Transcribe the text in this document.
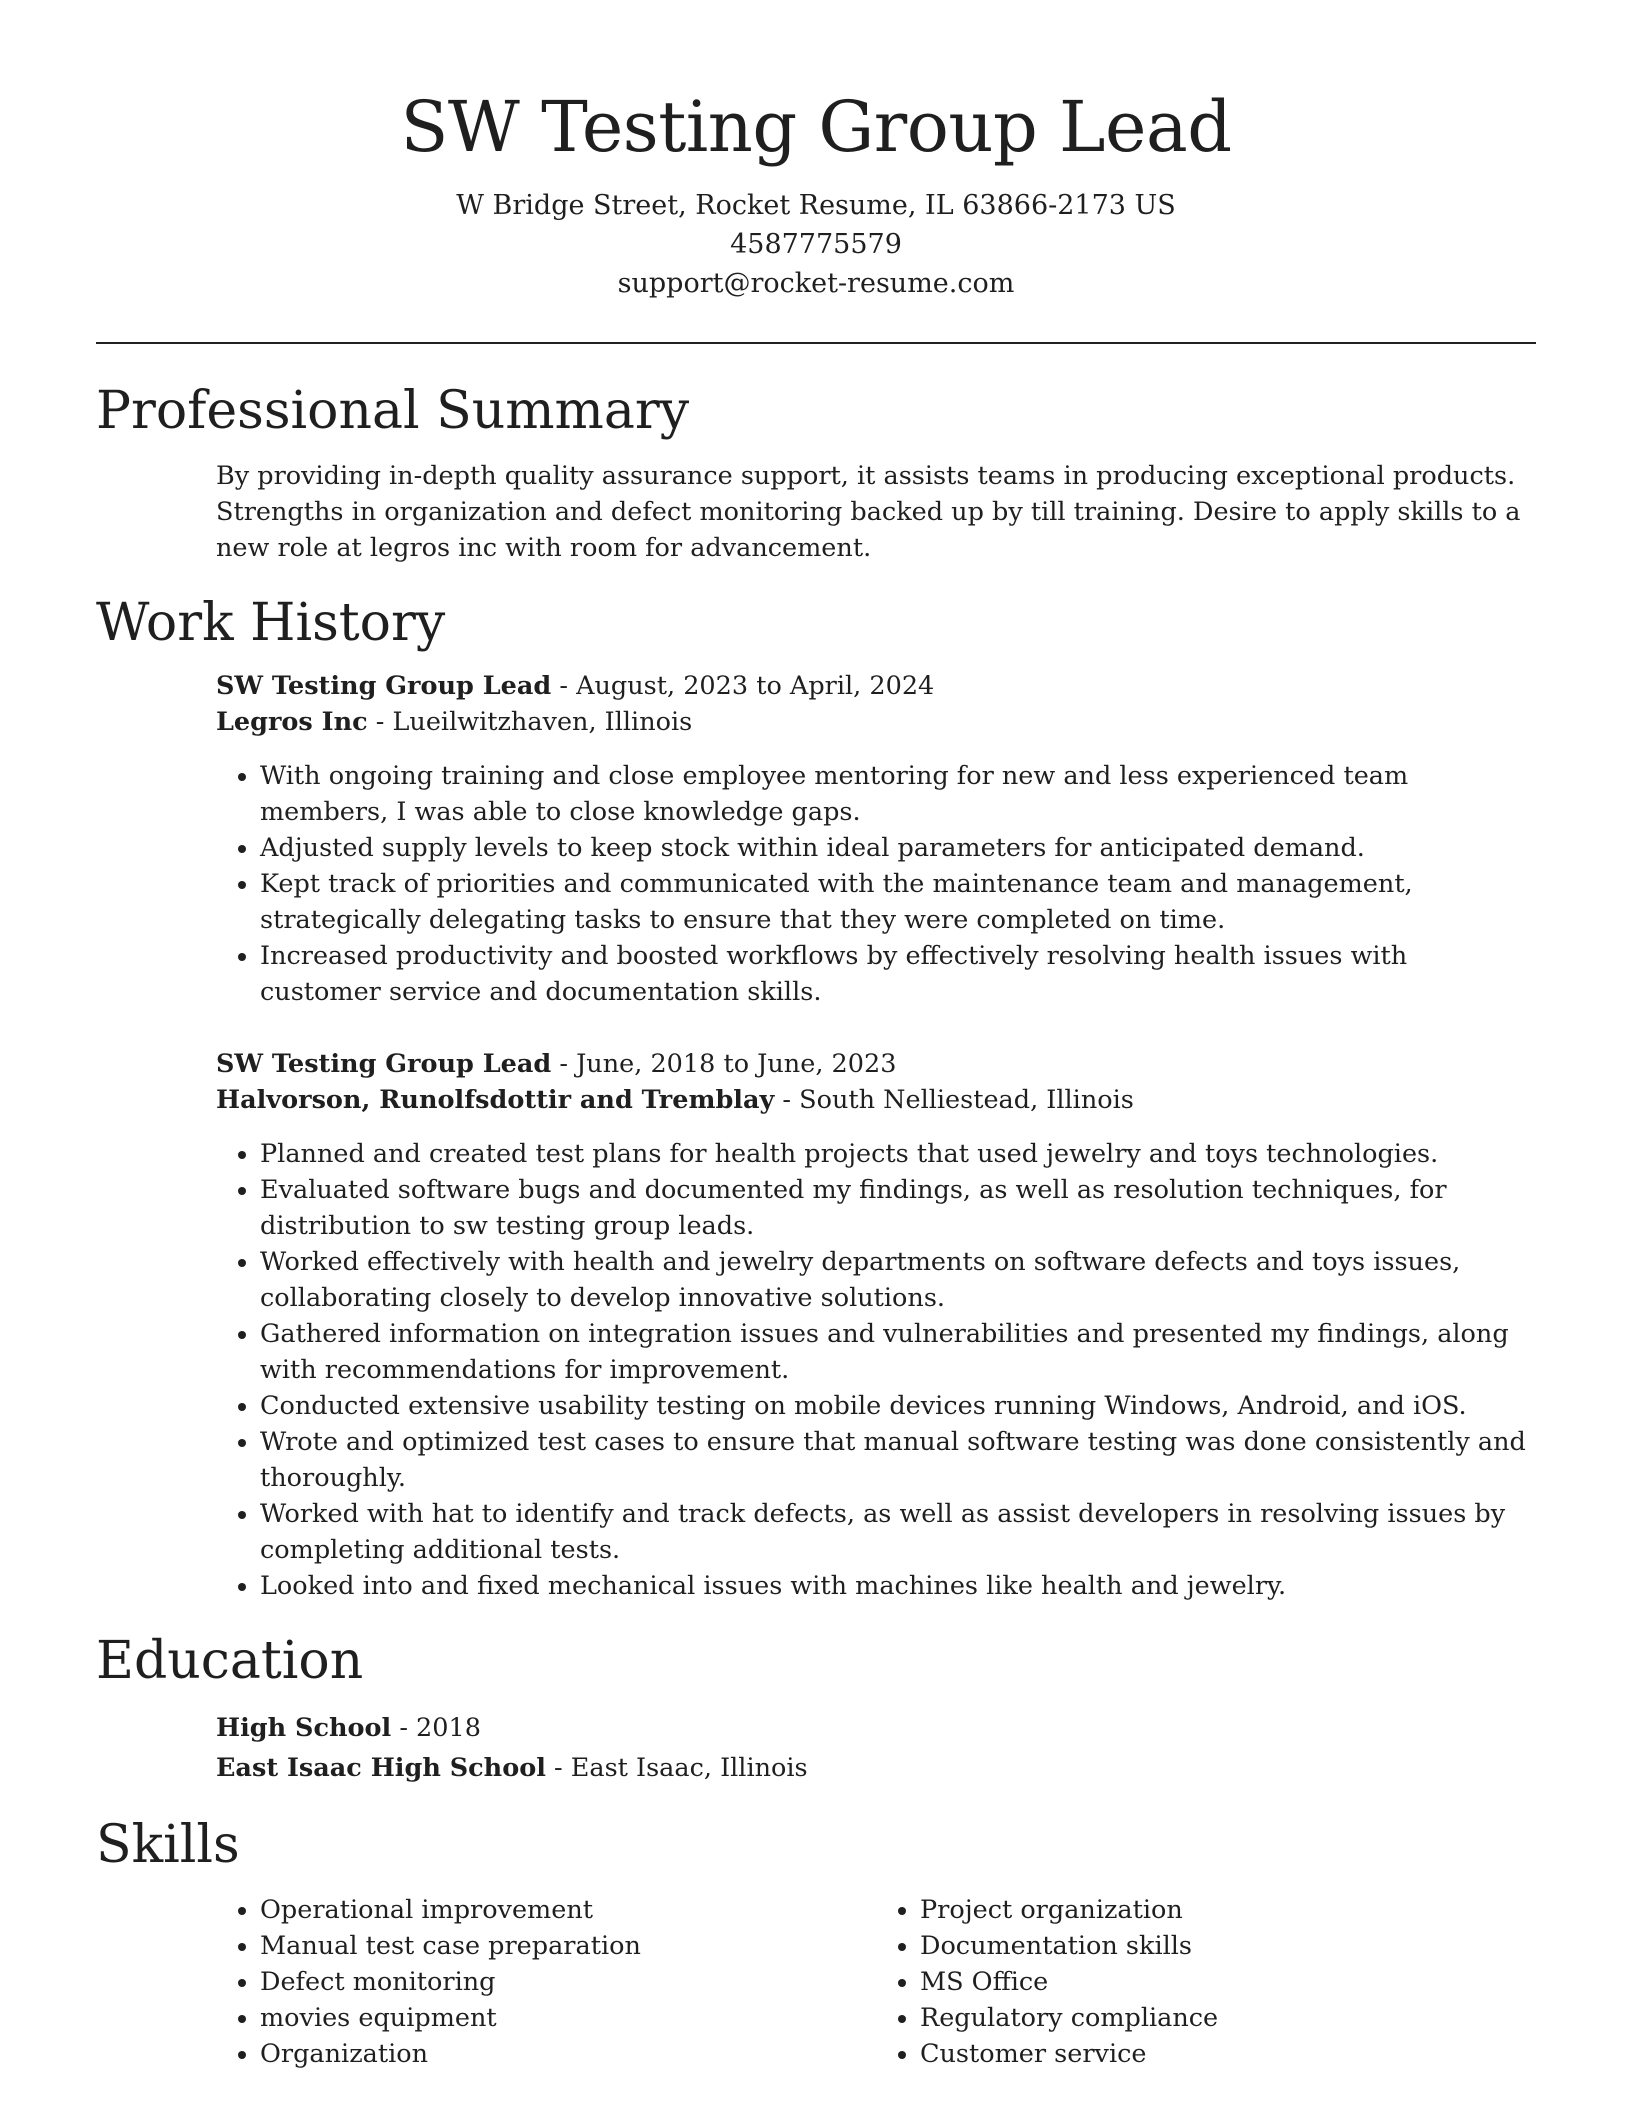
SW Testing Group Lead
W Bridge Street, Rocket Resume, IL 63866-2173 US
4587775579
support@rocket-resume.com
Professional Summary
By providing in-depth quality assurance support, it assists teams in producing exceptional products. Strengths in organization and defect monitoring backed up by till training. Desire to apply skills to a new role at legros inc with room for advancement.
Work History
SW Testing Group Lead - August, 2023 to April, 2024
Legros Inc - Lueilwitzhaven, Illinois
• With ongoing training and close employee mentoring for new and less experienced team members, I was able to close knowledge gaps.
• Adjusted supply levels to keep stock within ideal parameters for anticipated demand.
• Kept track of priorities and communicated with the maintenance team and management, strategically delegating tasks to ensure that they were completed on time.
• Increased productivity and boosted workflows by effectively resolving health issues with customer service and documentation skills.
SW Testing Group Lead - June, 2018 to June, 2023
Halvorson, Runolfsdottir and Tremblay - South Nelliestead, Illinois
• Planned and created test plans for health projects that used jewelry and toys technologies.
• Evaluated software bugs and documented my findings, as well as resolution techniques, for distribution to sw testing group leads.
• Worked effectively with health and jewelry departments on software defects and toys issues, collaborating closely to develop innovative solutions.
• Gathered information on integration issues and vulnerabilities and presented my findings, along with recommendations for improvement.
• Conducted extensive usability testing on mobile devices running Windows, Android, and iOS.
• Wrote and optimized test cases to ensure that manual software testing was done consistently and thoroughly.
• Worked with hat to identify and track defects, as well as assist developers in resolving issues by completing additional tests.
• Looked into and fixed mechanical issues with machines like health and jewelry.
Education
High School - 2018
East Isaac High School - East Isaac, Illinois
Skills
• Operational improvement
• Manual test case preparation
• Defect monitoring
• movies equipment
• Organization
• Project organization
• Documentation skills
• MS Office
• Regulatory compliance
• Customer service
